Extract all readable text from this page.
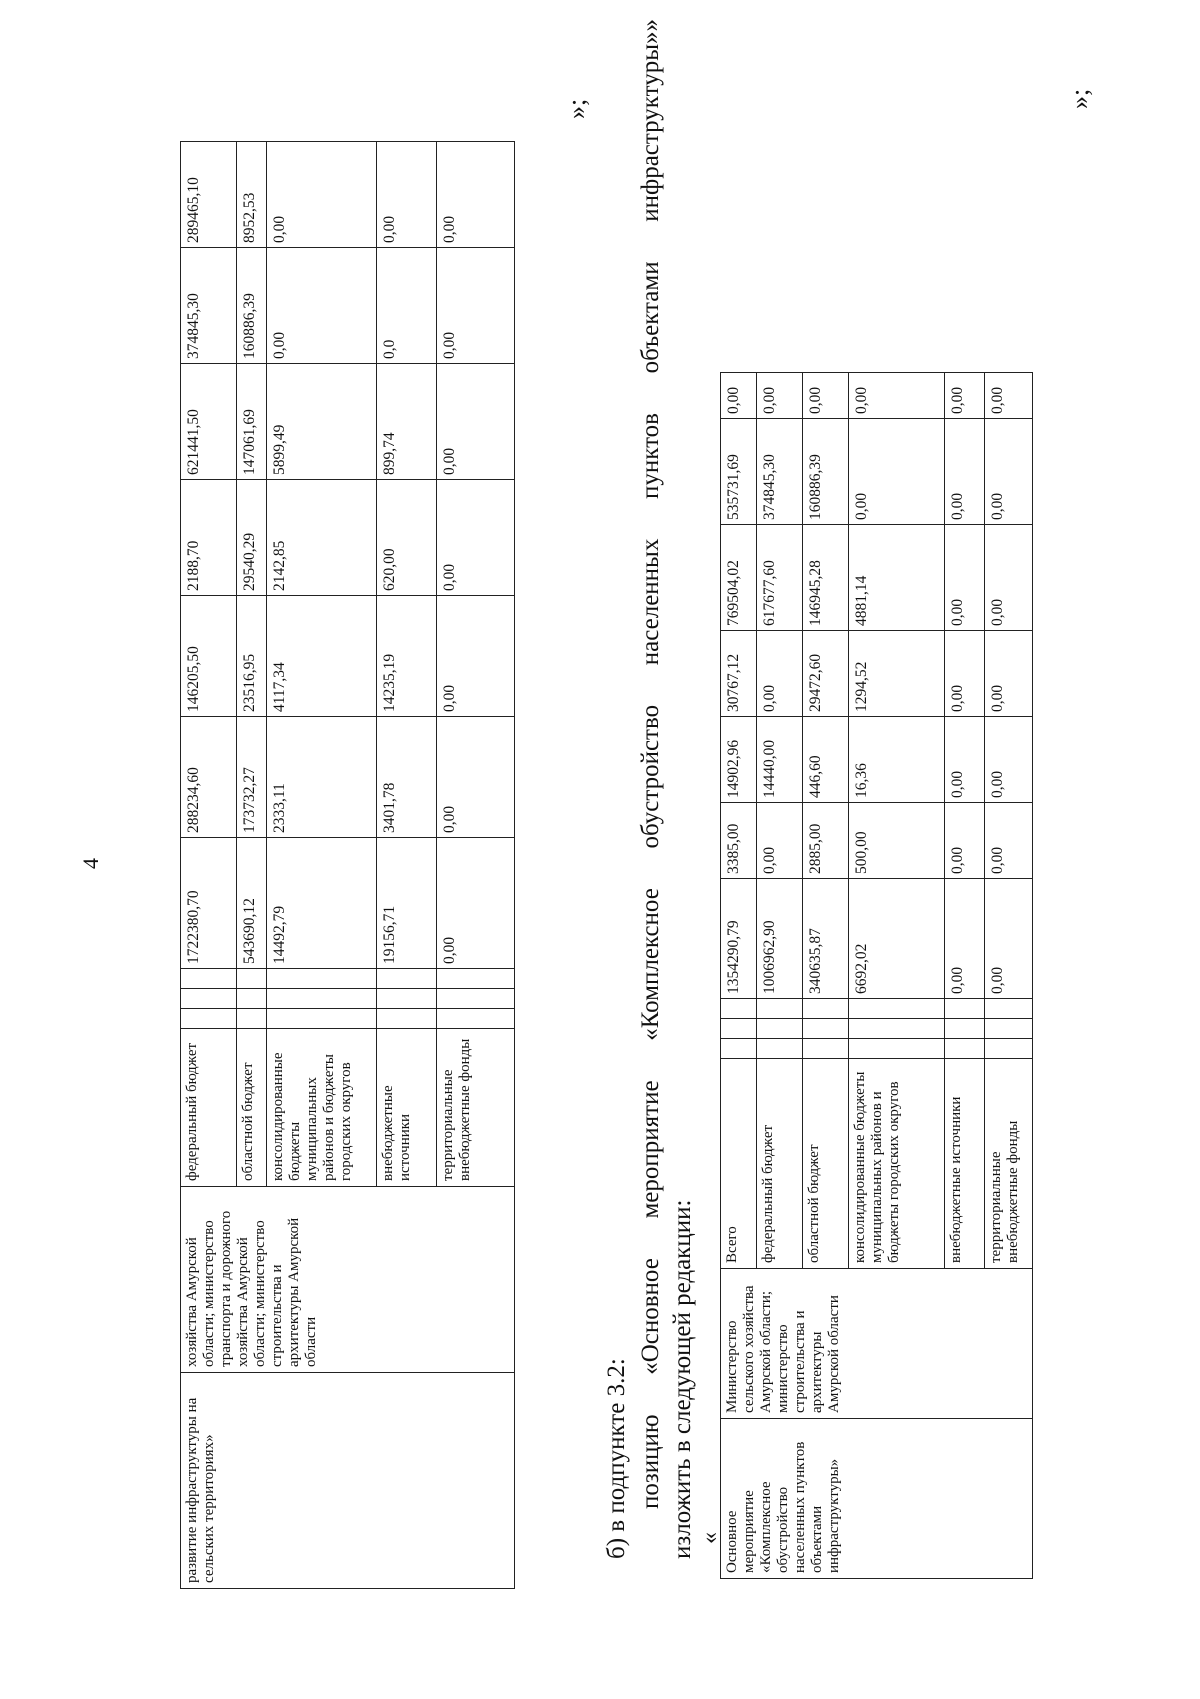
4
развитие инфраструктуры на сельских территориях»	хозяйства Амурской области; министерство транспорта и дорожного хозяйства Амурской области; министерство строительства и архитектуры Амурской области	федеральный бюджет				1722380,70	288234,60	146205,50	2188,70	621441,50	374845,30	289465,10
		областной бюджет				543690,12	173732,27	23516,95	29540,29	147061,69	160886,39	8952,53
		консолидированные бюджеты муниципальных районов и бюджеты городских округов				14492,79	2333,11	4117,34	2142,85	5899,49	0,00	0,00
		внебюджетные источники				19156,71	3401,78	14235,19	620,00	899,74	0,0	0,00
		территориальные внебюджетные фонды				0,00	0,00	0,00	0,00	0,00	0,00	0,00
»;
б) в подпункте 3.2: позицию «Основное мероприятие «Комплексное обустройство населенных пунктов объектами инфраструктуры»» изложить в следующей редакции: « Основное мероприятие «Комплексное обустройство населенных пунктов объектами инфраструктуры»	Министерство сельского хозяйства Амурской области; министерство строительства и архитектуры Амурской области	Всего				1354290,79	3385,00	14902,96	30767,12	769504,02	535731,69	0,00
		федеральный бюджет				1006962,90	0,00	14440,00	0,00	617677,60	374845,30	0,00
		областной бюджет				340635,87	2885,00	446,60	29472,60	146945,28	160886,39	0,00
		консолидированные бюджеты муниципальных районов и бюджеты городских округов				6692,02	500,00	16,36	1294,52	4881,14	0,00	0,00
		внебюджетные источники				0,00	0,00	0,00	0,00	0,00	0,00	0,00
		территориальные внебюджетные фонды				0,00	0,00	0,00	0,00	0,00	0,00	0,00
»;
